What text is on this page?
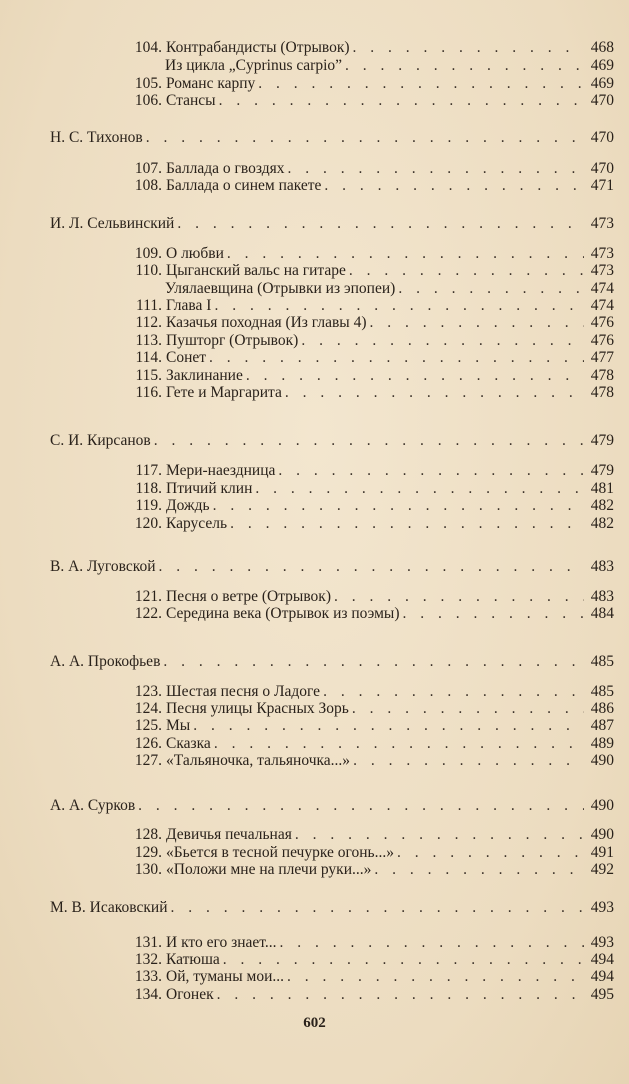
104. Контрабандисты (Отрывок) . . .	468
Из цикла „Cyprinus carpio” . . .	469
105. Романс карпу . . .	469
106. Стансы . . .	470
Н. С. Тихонов . . .	470
107. Баллада о гвоздях . . .	470
108. Баллада о синем пакете . . .	471
И. Л. Сельвинский . . .	473
109. О любви . . .	473
110. Цыганский вальс на гитаре . . .	473
Улялаевщина (Отрывки из эпопеи) . . .	474
111. Глава I . . .	474
112. Казачья походная (Из главы 4) . . .	476
113. Пушторг (Отрывок) . . .	476
114. Сонет . . .	477
115. Заклинание . . .	478
116. Гете и Маргарита . . .	478
С. И. Кирсанов . . .	479
117. Мери-наездница . . .	479
118. Птичий клин . . .	481
119. Дождь . . .	482
120. Карусель . . .	482
В. А. Луговской . . .	483
121. Песня о ветре (Отрывок) . . .	483
122. Середина века (Отрывок из поэмы) . . .	484
А. А. Прокофьев . . .	485
123. Шестая песня о Ладоге . . .	485
124. Песня улицы Красных Зорь . . .	486
125. Мы . . .	487
126. Сказка . . .	489
127. «Тальяночка, тальяночка...» . . .	490
А. А. Сурков . . .	490
128. Девичья печальная . . .	490
129. «Бьется в тесной печурке огонь...» . . .	491
130. «Положи мне на плечи руки...» . . .	492
М. В. Исаковский . . .	493
131. И кто его знает... . . .	493
132. Катюша . . .	494
133. Ой, туманы мои... . . .	494
134. Огонек . . .	495
602
